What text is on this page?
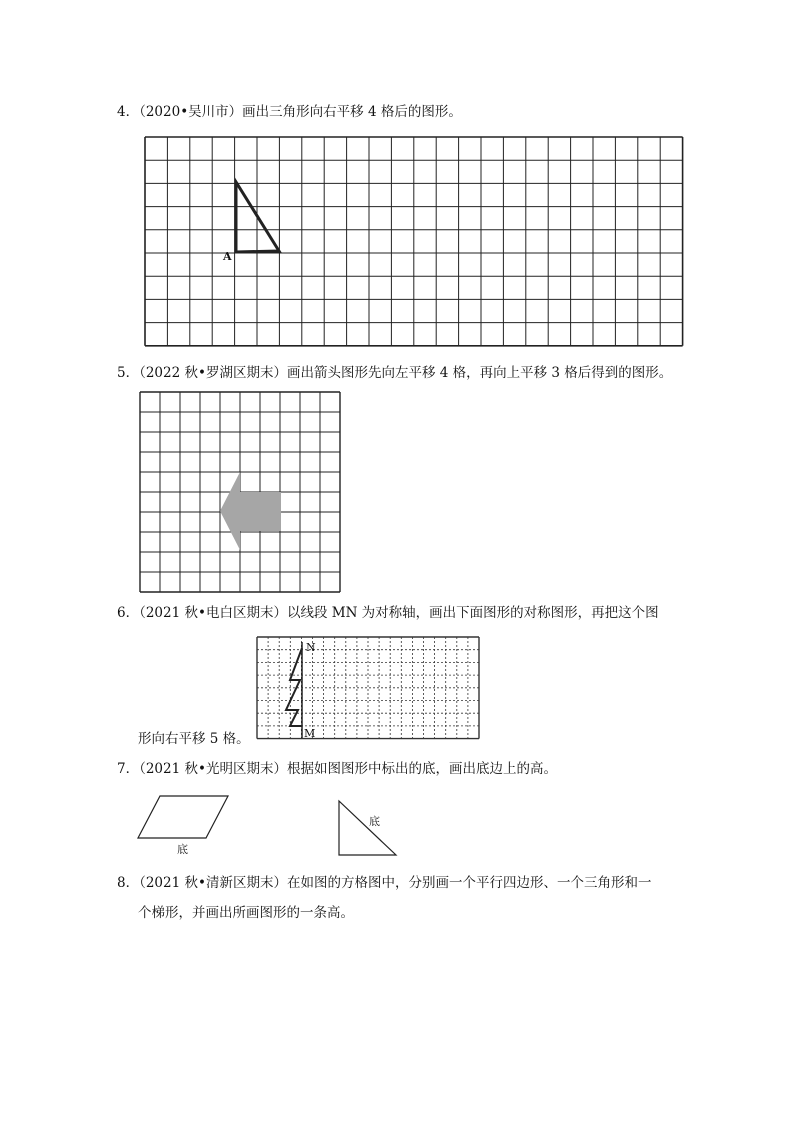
4．（2020•吴川市）画出三角形向右平移 4 格后的图形。
A
5．（2022 秋•罗湖区期末）画出箭头图形先向左平移 4 格，再向上平移 3 格后得到的图形。
6．（2021 秋•电白区期末）以线段 MN 为对称轴，画出下面图形的对称图形，再把这个图
形向右平移 5 格。
N
M
7．（2021 秋•光明区期末）根据如图图形中标出的底，画出底边上的高。
底
底
8．（2021 秋•清新区期末）在如图的方格图中，分别画一个平行四边形、一个三角形和一
个梯形，并画出所画图形的一条高。
